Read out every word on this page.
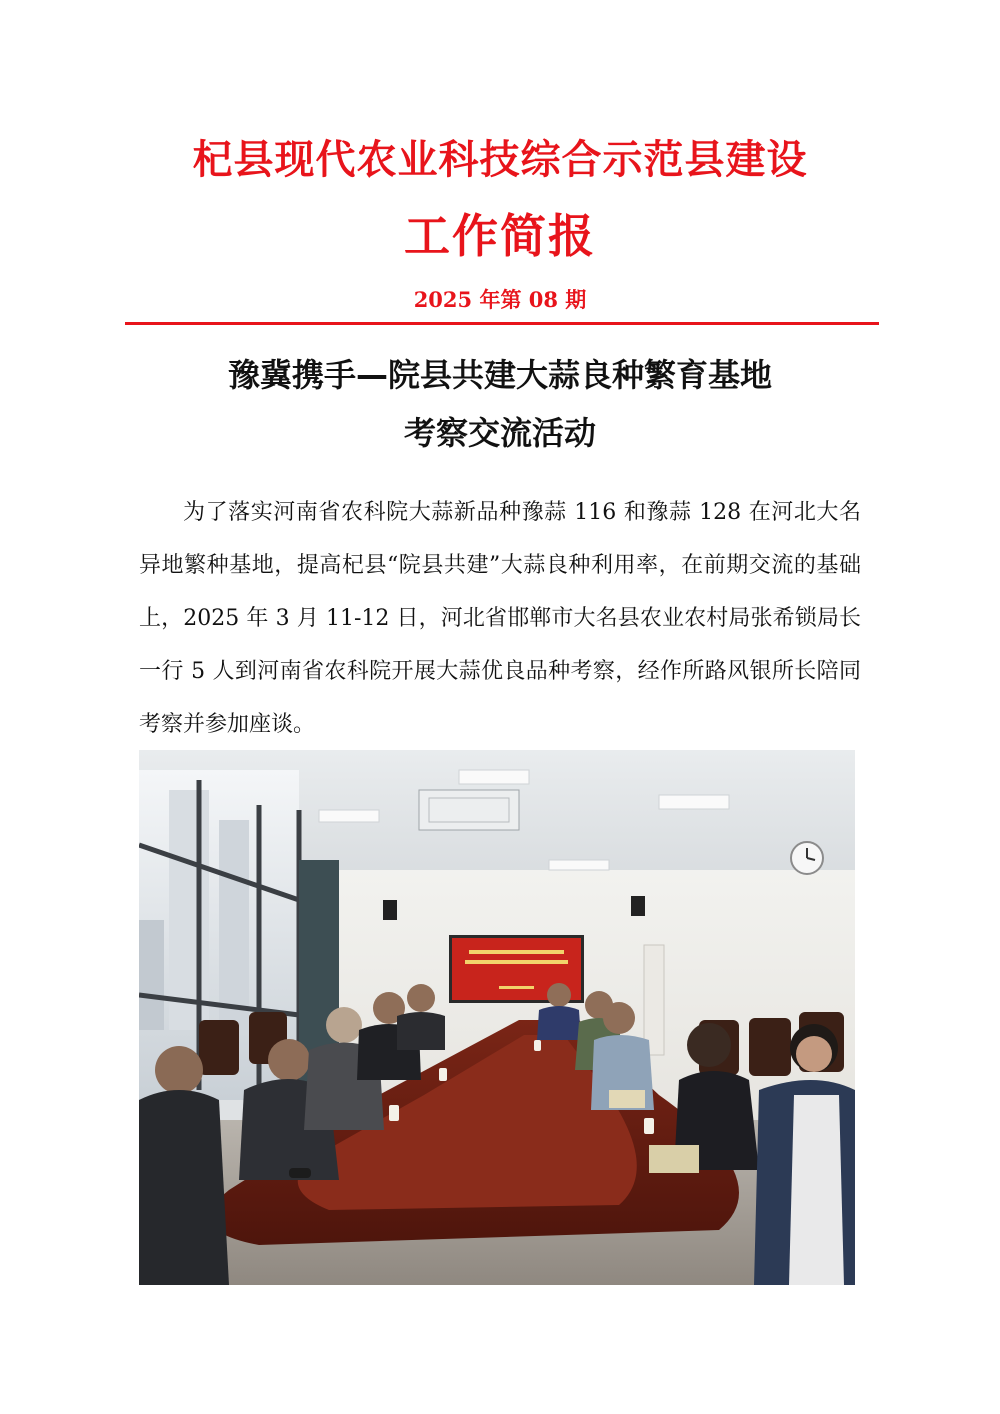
杞县现代农业科技综合示范县建设
工作简报
2025 年第 08 期
豫冀携手—院县共建大蒜良种繁育基地
考察交流活动

为了落实河南省农科院大蒜新品种豫蒜 116 和豫蒜 128 在河北大名异地繁种基地，提高杞县“院县共建”大蒜良种利用率，在前期交流的基础上，2025 年 3 月 11-12 日，河北省邯郸市大名县农业农村局张希锁局长一行 5 人到河南省农科院开展大蒜优良品种考察，经作所路风银所长陪同考察并参加座谈。
